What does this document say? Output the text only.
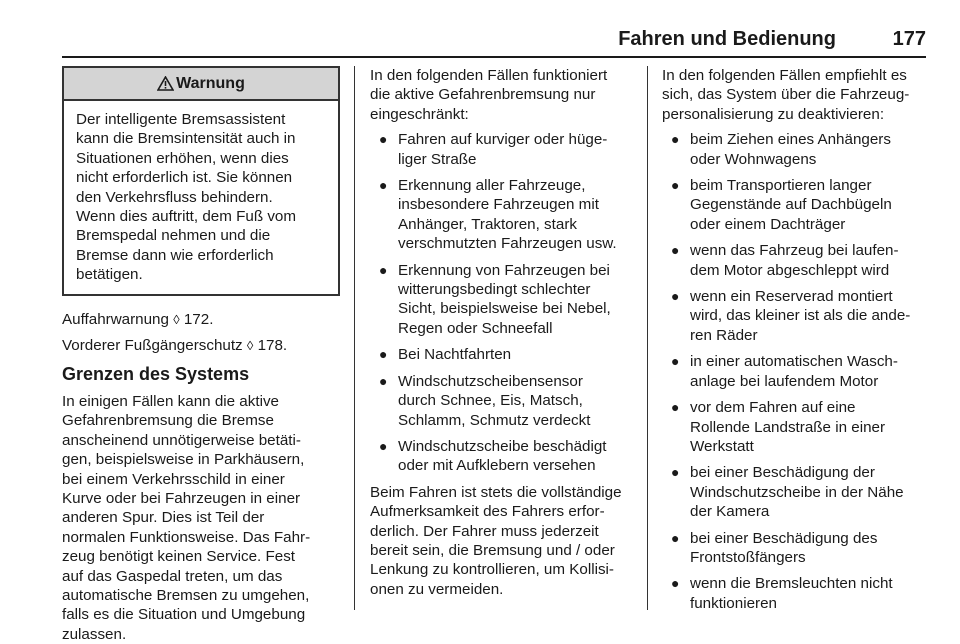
Fahren und Bedienung	177
Warnung

Der intelligente Bremsassistent

kann die Bremsintensität auch in

Situationen erhöhen, wenn dies

nicht erforderlich ist. Sie können

den Verkehrsfluss behindern.

Wenn dies auftritt, dem Fuß vom

Bremspedal nehmen und die

Bremse dann wie erforderlich

betätigen.

Auffahrwarnung ◊ 172.

Vorderer Fußgängerschutz ◊ 178.

Grenzen des Systems

In einigen Fällen kann die aktive

Gefahrenbremsung die Bremse

anscheinend unnötigerweise betäti-

gen, beispielsweise in Parkhäusern,

bei einem Verkehrsschild in einer

Kurve oder bei Fahrzeugen in einer

anderen Spur. Dies ist Teil der

normalen Funktionsweise. Das Fahr-

zeug benötigt keinen Service. Fest

auf das Gaspedal treten, um das

automatische Bremsen zu umgehen,

falls es die Situation und Umgebung

zulassen.

In den folgenden Fällen funktioniert

die aktive Gefahrenbremsung nur

eingeschränkt:

● Fahren auf kurviger oder hüge-

liger Straße

● Erkennung aller Fahrzeuge,

insbesondere Fahrzeugen mit

Anhänger, Traktoren, stark

verschmutzten Fahrzeugen usw.

● Erkennung von Fahrzeugen bei

witterungsbedingt schlechter

Sicht, beispielsweise bei Nebel,

Regen oder Schneefall

● Bei Nachtfahrten

● Windschutzscheibensensor

durch Schnee, Eis, Matsch,

Schlamm, Schmutz verdeckt

● Windschutzscheibe beschädigt

oder mit Aufklebern versehen

Beim Fahren ist stets die vollständige

Aufmerksamkeit des Fahrers erfor-

derlich. Der Fahrer muss jederzeit

bereit sein, die Bremsung und / oder

Lenkung zu kontrollieren, um Kollisi-

onen zu vermeiden.

In den folgenden Fällen empfiehlt es

sich, das System über die Fahrzeug-

personalisierung zu deaktivieren:

● beim Ziehen eines Anhängers

oder Wohnwagens

● beim Transportieren langer

Gegenstände auf Dachbügeln

oder einem Dachträger

● wenn das Fahrzeug bei laufen-

dem Motor abgeschleppt wird

● wenn ein Reserverad montiert

wird, das kleiner ist als die ande-

ren Räder

● in einer automatischen Wasch-

anlage bei laufendem Motor

● vor dem Fahren auf eine

Rollende Landstraße in einer

Werkstatt

● bei einer Beschädigung der

Windschutzscheibe in der Nähe

der Kamera

● bei einer Beschädigung des

Frontstoßfängers

● wenn die Bremsleuchten nicht

funktionieren
